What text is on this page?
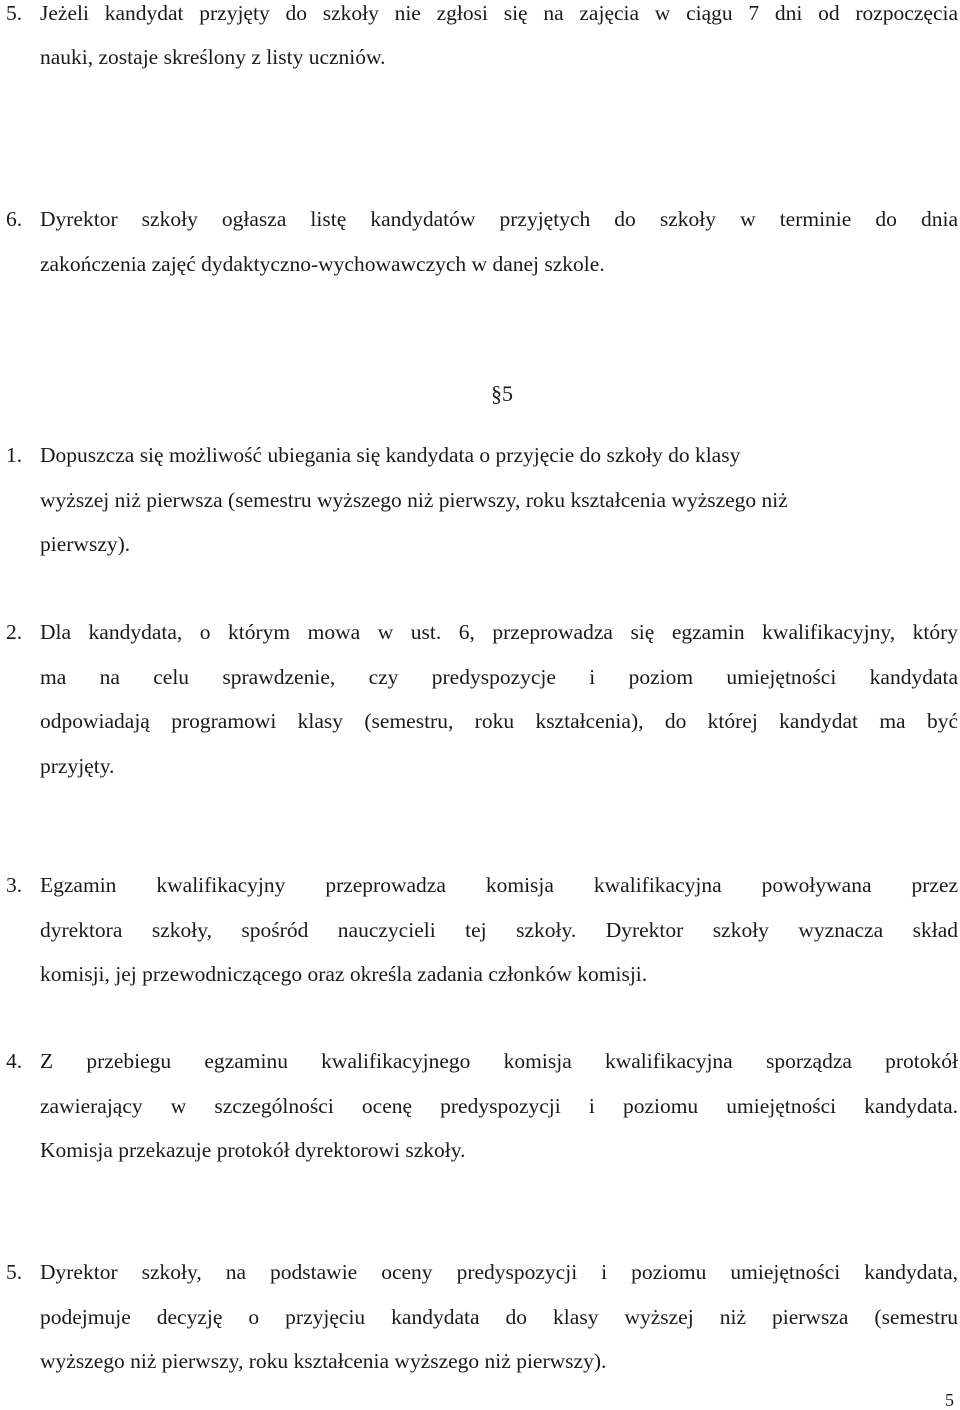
5. Jeżeli kandydat przyjęty do szkoły nie zgłosi się na zajęcia w ciągu 7 dni od rozpoczęcia
nauki, zostaje skreślony z listy uczniów.
6. Dyrektor szkoły ogłasza listę kandydatów przyjętych do szkoły w terminie do dnia
zakończenia zajęć dydaktyczno-wychowawczych w danej szkole.
§5
1. Dopuszcza się możliwość ubiegania się kandydata o przyjęcie do szkoły do klasy
wyższej niż pierwsza (semestru wyższego niż pierwszy, roku kształcenia wyższego niż
pierwszy).
2. Dla kandydata, o którym mowa w ust. 6, przeprowadza się egzamin kwalifikacyjny, który
ma na celu sprawdzenie, czy predyspozycje i poziom umiejętności kandydata
odpowiadają programowi klasy (semestru, roku kształcenia), do której kandydat ma być
przyjęty.
3. Egzamin kwalifikacyjny przeprowadza komisja kwalifikacyjna powoływana przez
dyrektora szkoły, spośród nauczycieli tej szkoły. Dyrektor szkoły wyznacza skład
komisji, jej przewodniczącego oraz określa zadania członków komisji.
4. Z przebiegu egzaminu kwalifikacyjnego komisja kwalifikacyjna sporządza protokół
zawierający w szczególności ocenę predyspozycji i poziomu umiejętności kandydata.
Komisja przekazuje protokół dyrektorowi szkoły.
5. Dyrektor szkoły, na podstawie oceny predyspozycji i poziomu umiejętności kandydata,
podejmuje decyzję o przyjęciu kandydata do klasy wyższej niż pierwsza (semestru
wyższego niż pierwszy, roku kształcenia wyższego niż pierwszy).
5
